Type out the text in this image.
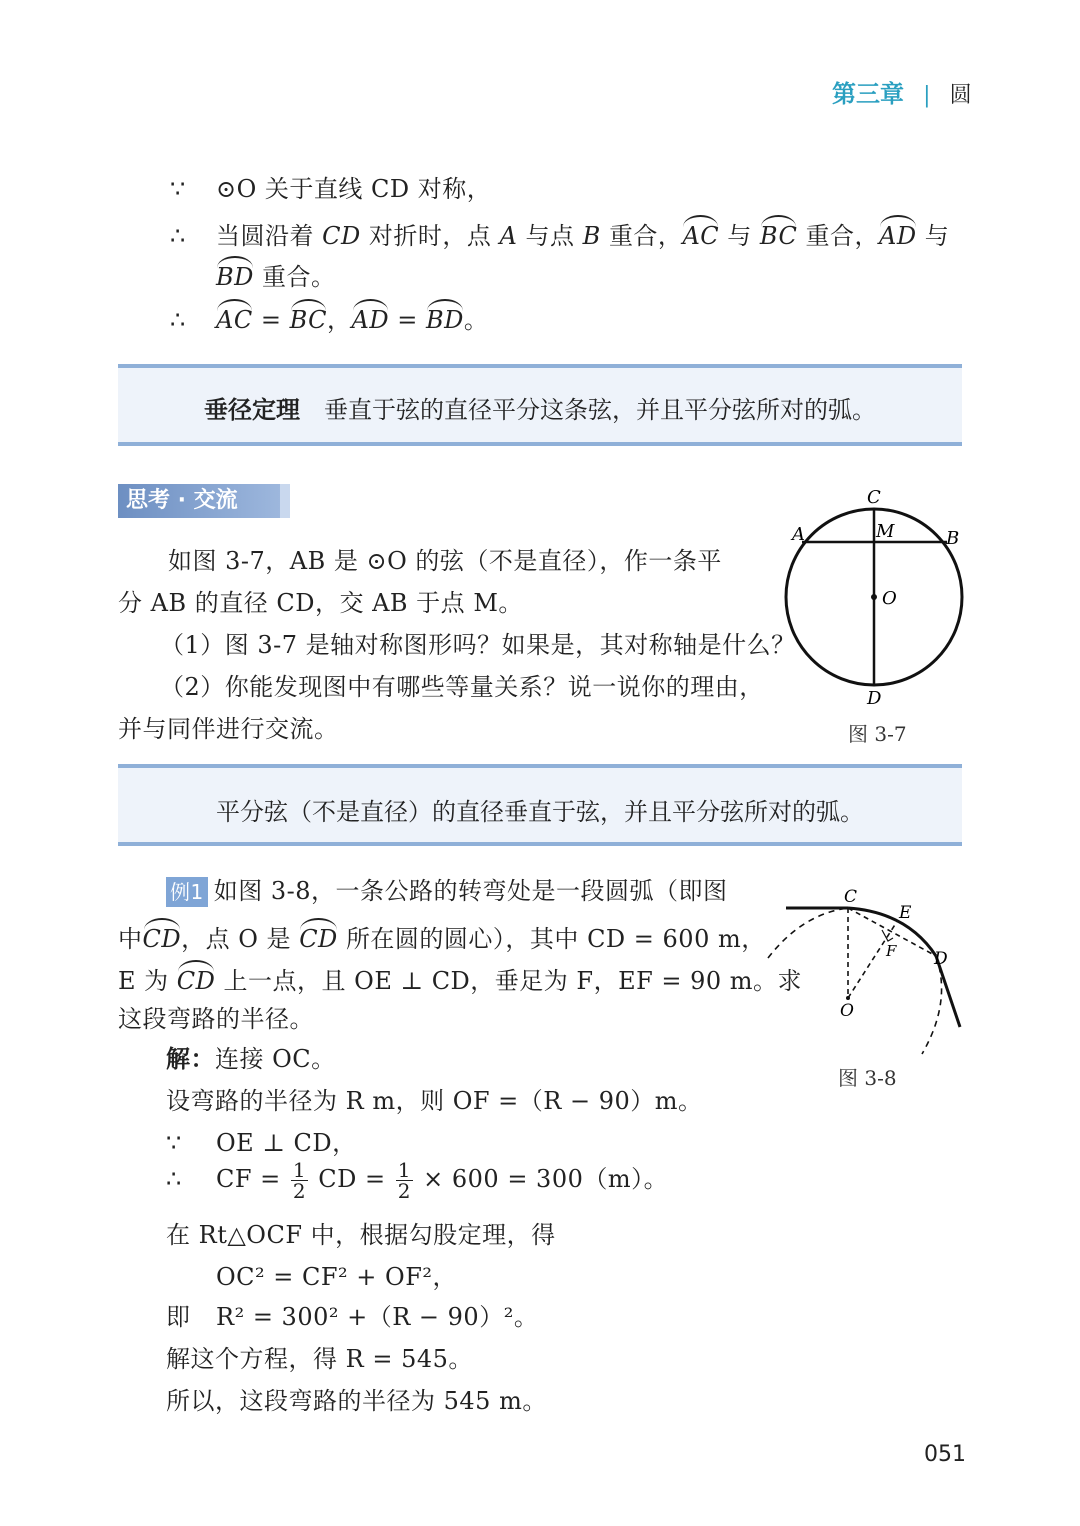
第三章 | 圆
∵ ⊙O 关于直线 CD 对称，
∴ 当圆沿着 CD 对折时，点 A 与点 B 重合，AC 与 BC 重合，AD 与
BD 重合。
∴ AC = BC，AD = BD。
垂径定理 垂直于弦的直径平分这条弦，并且平分弦所对的弧。
思考 · 交流
如图 3-7，AB 是 ⊙O 的弦（不是直径），作一条平
分 AB 的直径 CD，交 AB 于点 M。
（1）图 3-7 是轴对称图形吗？如果是，其对称轴是什么？
（2）你能发现图中有哪些等量关系？说一说你的理由，
并与同伴进行交流。
C
A	M	B
O
D
图 3-7
平分弦（不是直径）的直径垂直于弦，并且平分弦所对的弧。
例1 如图 3-8，一条公路的转弯处是一段圆弧（即图
中CD，点 O 是 CD 所在圆的圆心），其中 CD = 600 m，
E 为 CD 上一点，且 OE ⊥ CD，垂足为 F，EF = 90 m。求
这段弯路的半径。
解：连接 OC。
设弯路的半径为 R m，则 OF =（R − 90）m。
∵ OE ⊥ CD，
∴ CF = $\frac{1}{2}$ CD = $\frac{1}{2} \times 600 = 300(m)$。
在 Rt△OCF 中，根据勾股定理，得
OC² = CF² + OF²，
即 R² = 300² +（R − 90）²。
解这个方程，得 R = 545。
所以，这段弯路的半径为 545 m。
C
E
F D
O
图 3-8
051
